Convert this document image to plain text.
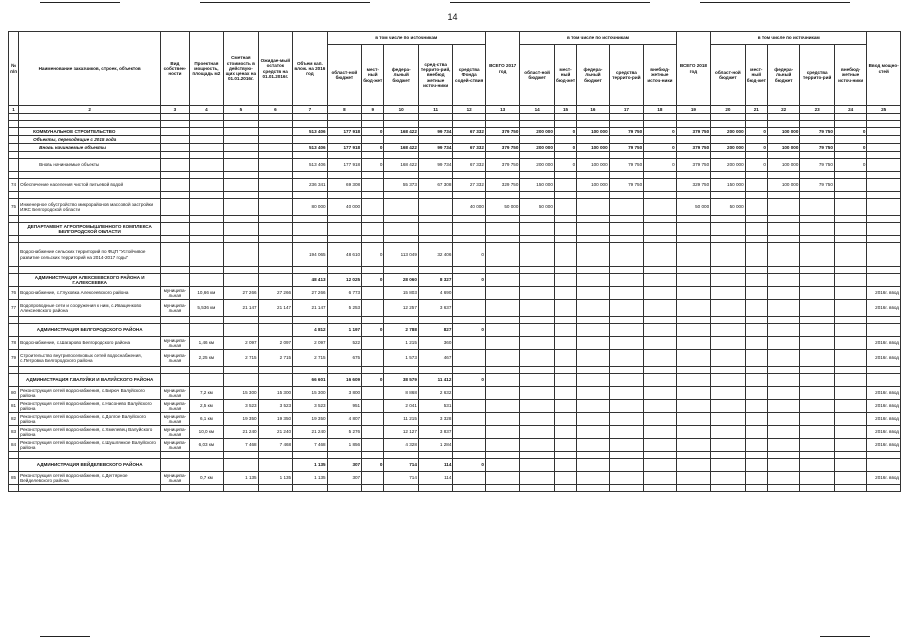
14
№ п/п	Наименование заказчиков, строек, объектов	Вид собствен-ности	Проектная мощность, площадь м2	Сметная стоимость в действую-щих ценах на 01.01.2016г.	Ожидае-мый остаток средств на 01.01.2016г.	Объем кап. влож. на 2016 год	в том числе по источникам					ВСЕГО 2017 год	в том числе по источникам					ВСЕГО 2018 год	в том числе по источникам					Ввод мощно-стей
							област-ной бюджет	мест-ный бюд-жет	федера-льный бюджет	сред-ства террито-рий, внебюд жетные источ-ники	средства Фонда содей-ствия		област-ной бюджет	мест-ный бюд-жет	федера-льный бюджет	средства террито-рий	внебюд-жетные источ-ники		област-ной бюджет	мест-ный бюд-жет	федера-льный бюджет	средства террито-рий	внебюд-жетные источ-ники	
1	2	3	4	5	6	7	8	9	10	11	12	13	14	15	16	17	18	19	20	21	22	23	24	25

	КОММУНАЛЬНОЕ СТРОИТЕЛЬСТВО					513 406	177 918	0	168 422	99 734	67 332	379 750	200 000	0	100 000	79 750	0	379 750	200 000	0	100 000	79 750	0	
	Объекты, переходящие с 2015 года																							
	Вновь начинаемые объекты					513 406	177 918	0	168 422	99 734	67 332	379 750	200 000	0	100 000	79 750	0	379 750	200 000	0	100 000	79 750	0	

	Вновь начинаемые объекты					513 406	177 918	0	168 422	99 734	67 332	379 750	200 000	0	100 000	79 750	0	379 750	200 000	0	100 000	79 750	0	

74	Обеспечение населения чистой питьевой водой					236 341	69 308		55 373	67 308	27 332	329 750	150 000		100 000	79 750		329 750	150 000		100 000	79 750		

75	Инженерное обустройство микрорайонов массовой застройки ИЖС Белгородской области					80 000	40 000				40 000	50 000	50 000					50 000	50 000					

	ДЕПАРТАМЕНТ АГРОПРОМЫШЛЕННОГО КОМПЛЕКСА БЕЛГОРОДСКОЙ ОБЛАСТИ																							

	Водоснабжение сельских территорий по ФЦП "Устойчивое развитие сельских территорий на 2014-2017 годы"					194 065	48 610	0	113 049	32 406	0													

	АДМИНИСТРАЦИЯ АЛЕКСЕЕВСКОГО РАЙОНА И Г.АЛЕКСЕЕВКА					48 413	12 025	0	28 060	8 327	0													
76	Водоснабжение, с.Глуховка Алексеевского района	муниципа-льная	10,66 км	27 266	27 266	27 266	6 773		15 803	4 690														2016г. ввод
77	Водопроводные сети и сооружения к ним, с.Иващенково Алексеевского района	муниципа-льная	5,536 км	21 147	21 147	21 147	5 253		12 257	3 637														2016г. ввод

	АДМИНИСТРАЦИЯ БЕЛГОРОДСКОГО РАЙОНА					4 812	1 197	0	2 788	827	0													
78	Водоснабжение, с.Шагарово Белгородского района	муниципа-льная	1,46 км	2 097	2 097	2 097	522		1 215	360														2016г. ввод
79	Строительство внутрипоселковых сетей водоснабжения, с.Петровка Белгородского района	муниципа-льная	2,25 км	2 715	2 715	2 715	675		1 573	467														2016г. ввод

	АДМИНИСТРАЦИЯ Г.ВАЛУЙКИ И ВАЛУЙСКОГО РАЙОНА					66 601	16 609	0	38 579	11 412	0													
80	Реконструкция сетей водоснабжения, с.Бирюч Валуйского района	муниципа-льная	7,2 км	15 300	15 300	15 300	3 800		8 868	2 632														2016г. ввод
81	Реконструкция сетей водоснабжения, с.Насонево Валуйского района	муниципа-льная	2,5 км	3 523	3 523	3 523	951		2 041	531														2016г. ввод
82	Реконструкция сетей водоснабжения, с.Долгое Валуйского района	муниципа-льная	6,1 км	19 350	19 350	19 350	4 807		11 215	3 328														2016г. ввод
83	Реконструкция сетей водоснабжения, с.Хмелевец Валуйского района	муниципа-льная	10,0 км	21 240	21 240	21 240	5 276		12 127	3 837														2016г. ввод
84	Реконструкция сетей водоснабжения, с.Шушлянкое Валуйского района	муниципа-льная	6,03 км	7 468	7 468	7 468	1 856		4 328	1 284														2016г. ввод

	АДМИНИСТРАЦИЯ ВЕЙДЕЛЕВСКОГО РАЙОНА					1 135	307	0	714	114	0													
85	Реконструкция сетей водоснабжения, с.Дегтярное Вейделевского района	муниципа-льная	0,7 км	1 135	1 135	1 135	307		714	114														2016г. ввод
